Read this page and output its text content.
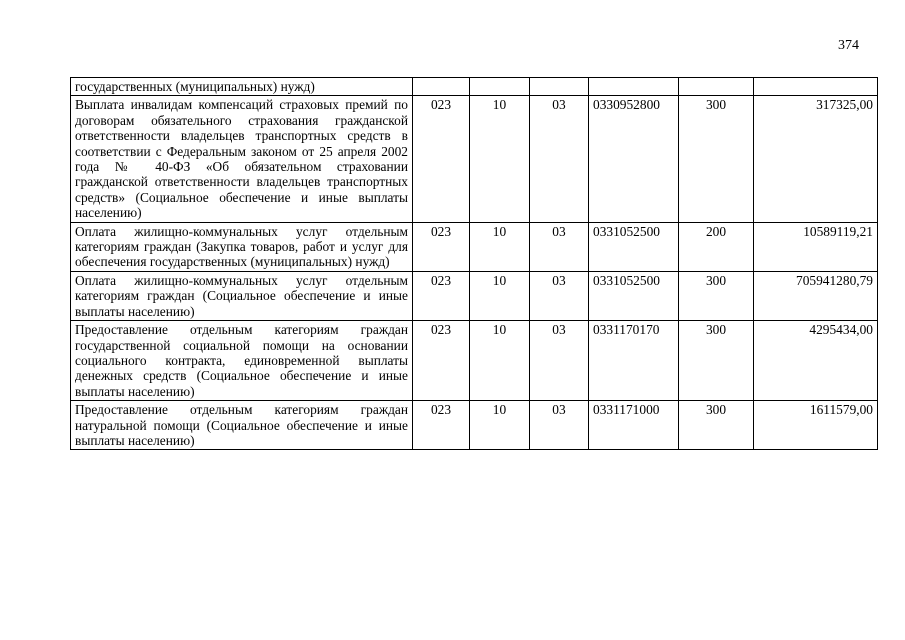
374
государственных (муниципальных) нужд)						
Выплата инвалидам компенсаций страховых премий по договорам обязательного страхования гражданской ответственности владельцев транспортных средств в соответствии с Федеральным законом от 25 апреля 2002 года № 40-ФЗ «Об обязательном страховании гражданской ответственности владельцев транспортных средств» (Социальное обеспечение и иные выплаты населению)	023	10	03	0330952800	300	317325,00
Оплата жилищно-коммунальных услуг отдельным категориям граждан (Закупка товаров, работ и услуг для обеспечения государственных (муниципальных) нужд)	023	10	03	0331052500	200	10589119,21
Оплата жилищно-коммунальных услуг отдельным категориям граждан (Социальное обеспечение и иные выплаты населению)	023	10	03	0331052500	300	705941280,79
Предоставление отдельным категориям граждан государственной социальной помощи на основании социального контракта, единовременной выплаты денежных средств (Социальное обеспечение и иные выплаты населению)	023	10	03	0331170170	300	4295434,00
Предоставление отдельным категориям граждан натуральной помощи (Социальное обеспечение и иные выплаты населению)	023	10	03	0331171000	300	1611579,00
